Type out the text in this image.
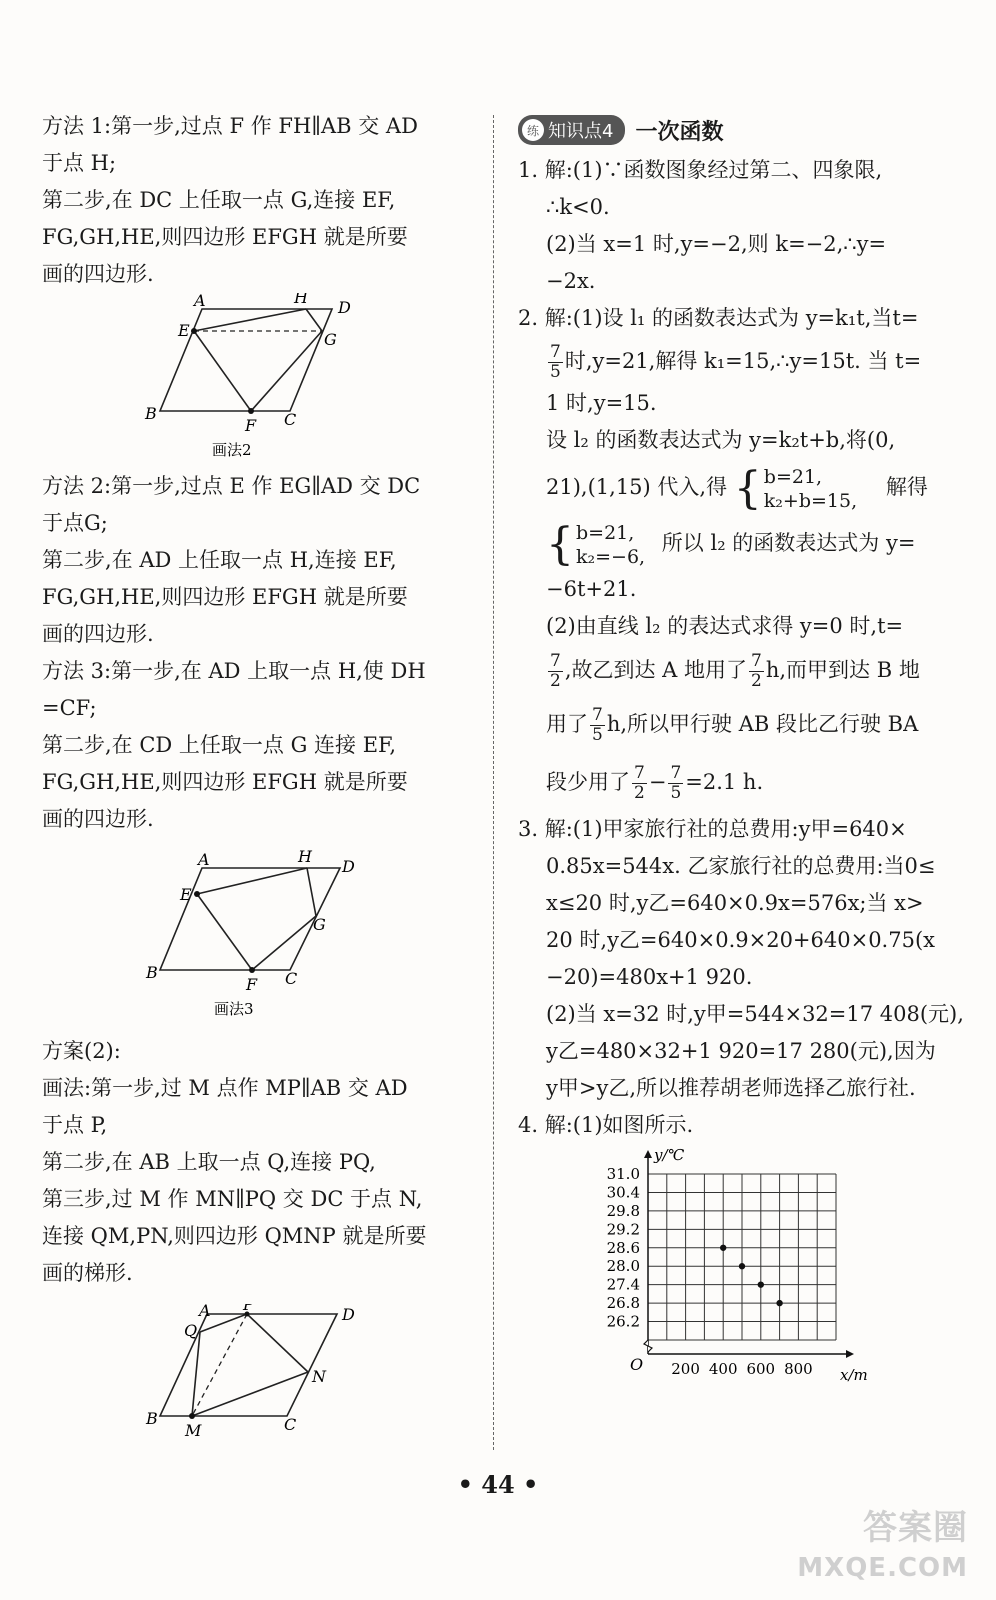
方法 1:第一步,过点 F 作 FH∥AB 交 AD
于点 H;
第二步,在 DC 上任取一点 G,连接 EF,
FG,GH,HE,则四边形 EFGH 就是所要
画的四边形.
A	H
D
E	G
B
F C
画法2
方法 2:第一步,过点 E 作 EG∥AD 交 DC
于点G;
第二步,在 AD 上任取一点 H,连接 EF,
FG,GH,HE,则四边形 EFGH 就是所要
画的四边形.
方法 3:第一步,在 AD 上取一点 H,使 DH
=CF;
第二步,在 CD 上任取一点 G 连接 EF,
FG,GH,HE,则四边形 EFGH 就是所要
画的四边形.
A	H
D
E
G
B
F C
画法3
方案(2):
画法:第一步,过 M 点作 MP∥AB 交 AD
于点 P,
第二步,在 AB 上取一点 Q,连接 PQ,
第三步,过 M 作 MN∥PQ 交 DC 于点 N,
连接 QM,PN,则四边形 QMNP 就是所要
画的梯形.
A P
D
Q
N
B
M	C
练 知识点4 一次函数
1. 解:(1)∵函数图象经过第二、四象限,
∴k<0.
(2)当 x=1 时,y=−2,则 k=−2,∴y=
−2x.
2. 解:(1)设 l₁ 的函数表达式为 y=k₁t,当t=
$\frac{7}{5}$ 时,y=21,解得 k₁=15,∴y=15t. 当 t=
1 时,y=15.
设 l₂ 的函数表达式为 y=k₂t+b,将(0,
21),(1,15) 代入,得 { b=21,
k₂+b=15,
解得
{ b=21,
k₂=−6,
所以 l₂ 的函数表达式为 y=
−6t+21.
(2)由直线 l₂ 的表达式求得 y=0 时,t=
$\frac{7}{2}$ ,故乙到达 A 地用了 $\frac{7}{2} h$,而甲到达 B 地
用了 $\frac{7}{5} h$,所以甲行驶 AB 段比乙行驶 BA
段少用了 $\frac{7}{2} - \frac{7}{5} =2.1$ h.
3. 解:(1)甲家旅行社的总费用:y甲=640×
0.85x=544x. 乙家旅行社的总费用:当0≤
x≤20 时,y乙=640×0.9x=576x;当 x>
20 时,y乙=640×0.9×20+640×0.75(x
−20)=480x+1 920.
(2)当 x=32 时,y甲=544×32=17 408(元),
y乙=480×32+1 920=17 280(元),因为
y甲>y乙,所以推荐胡老师选择乙旅行社.
4. 解:(1)如图所示.
31.0
30.4
29.8
29.2
28.6
28.0
27.4
26.8
26.2
200 400 600 800
O
y/℃
x/m
• 44 •
答案圈
MXQE.COM
